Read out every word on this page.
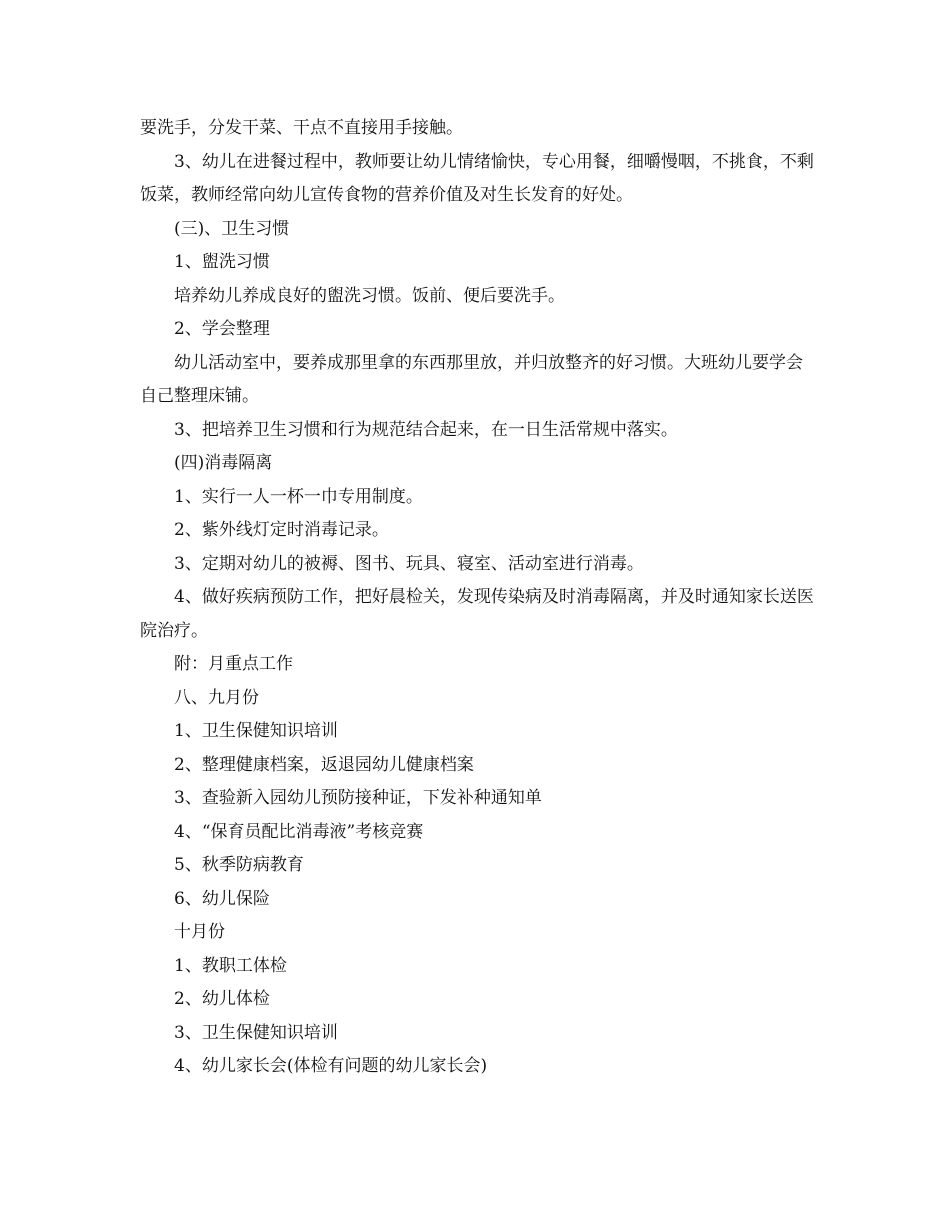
要洗手，分发干菜、干点不直接用手接触。

3、幼儿在进餐过程中，教师要让幼儿情绪愉快，专心用餐，细嚼慢咽，不挑食，不剩饭菜，教师经常向幼儿宣传食物的营养价值及对生长发育的好处。

(三)、卫生习惯

1、盥洗习惯

培养幼儿养成良好的盥洗习惯。饭前、便后要洗手。

2、学会整理

幼儿活动室中，要养成那里拿的东西那里放，并归放整齐的好习惯。大班幼儿要学会自己整理床铺。

3、把培养卫生习惯和行为规范结合起来，在一日生活常规中落实。

(四)消毒隔离

1、实行一人一杯一巾专用制度。

2、紫外线灯定时消毒记录。

3、定期对幼儿的被褥、图书、玩具、寝室、活动室进行消毒。

4、做好疾病预防工作，把好晨检关，发现传染病及时消毒隔离，并及时通知家长送医院治疗。

附：月重点工作

八、九月份

1、卫生保健知识培训

2、整理健康档案，返退园幼儿健康档案

3、查验新入园幼儿预防接种证，下发补种通知单

4、“保育员配比消毒液”考核竞赛

5、秋季防病教育

6、幼儿保险

十月份

1、教职工体检

2、幼儿体检

3、卫生保健知识培训

4、幼儿家长会(体检有问题的幼儿家长会)
